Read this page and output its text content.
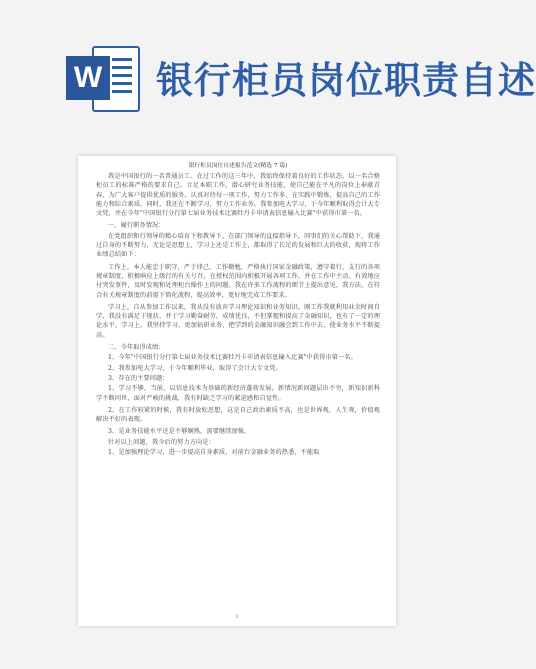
W 银行柜员岗位职责自述
银行柜员岗位自述报告范文(精选 7 篇)

我是中国银行的一名普通员工。在过工作的这三年中，我始终保持着良好的工作状态，以一名合格柜员工的标准严格的要求自己。立足本职工作，潜心研究业务技能，使自己能在平凡的岗位上奉献青春，为广大客户提供优质的服务。认真对待每一项工作，努力工作多，在实践中锻炼，提高自己的工作能力和综合素质。同时，我还在不断学习，努力工作业务。我参加电大学习，于今年顺利取得会计大专文凭，并在今年"中国银行分行第七届业务技术比赛牡丹卡申请表信息输入比赛"中获得市第一名。

一、履行职务情况：

在党组织和行领导的精心培育下和教导下，在部门领导的直接指导下，同事们的关心帮助下，我通过自身的不断努力，无论是思想上，学习上还是工作上，都取得了长足的发展和巨大的收获，现将工作业绩总结如下：

工作上，本人能忠于职守，严于律己，工作勤勉，严格执行国家金融政策，遵守着行，支行的各项规章制度，积极响应上级行的有关号召，在授权范围内积极开展各项工作，并在工作中主动。有效地应付突发事件，及时发现和处理柜台操作上的问题。我在许多工作流程的细节上提出意见，我方法，在符合有关规章制度的前提下简化流程，提高效率，更好地完成工作要求。

学习上，自从参加工作以来，我从没有放弃学习理论知识和业务知识。刚工作我就利用业余时间自学，我没有满足于现状，并于学习勤奋耐劳，成绩优良，不但掌握和提高了金融知识，也有了一定的理论水平。学习上，我坚持学习，更加钻研业务，把学到的金融知识融会到工作中去，使业务水平不断提高。

二、今年取得成绩：

1、今年"中国银行分行第七届业务技术比赛牡丹卡申请表信息输入比赛"中获得市第一名。

2、我参加电大学习，于今年顺利毕业，取得了会计大专文凭。

3、存在的主要问题：

1、学习不够，当前，以信息技术为基础的新经济蓬勃发展，新情况新问题层出不穷，新知识新科学不断问世，面对严峻的挑战，我有时缺乏学习的紧迫感和自觉性。

2、在工作较紧的时候，我有时放松思想，这是自己政治素质不高，也是世界观，人生观，价值观解决不好的表现。

3、是业务技能水平还是不够娴熟，需要继续加强。

针对以上问题，我今后的努力方向是：

1、是加强理论学习，进一步提高自身素质，对前台金融业务的热悉，不能取

1
